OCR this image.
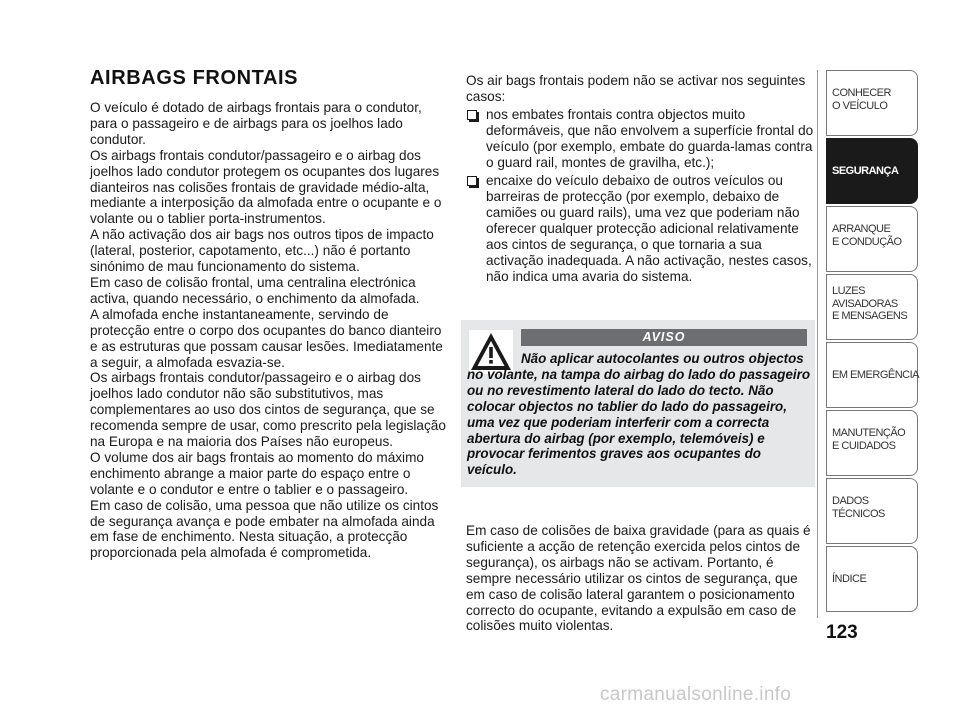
AIRBAGS FRONTAIS

O veículo é dotado de airbags frontais para o condutor, para o passageiro e de airbags para os joelhos lado condutor.

Os airbags frontais condutor/passageiro e o airbag dos joelhos lado condutor protegem os ocupantes dos lugares dianteiros nas colisões frontais de gravidade médio-alta, mediante a interposição da almofada entre o ocupante e o volante ou o tablier porta-instrumentos.

A não activação dos air bags nos outros tipos de impacto (lateral, posterior, capotamento, etc...) não é portanto sinónimo de mau funcionamento do sistema.

Em caso de colisão frontal, uma centralina electrónica activa, quando necessário, o enchimento da almofada.

A almofada enche instantaneamente, servindo de protecção entre o corpo dos ocupantes do banco dianteiro e as estruturas que possam causar lesões. Imediatamente a seguir, a almofada esvazia-se.

Os airbags frontais condutor/passageiro e o airbag dos joelhos lado condutor não são substitutivos, mas complementares ao uso dos cintos de segurança, que se recomenda sempre de usar, como prescrito pela legislação na Europa e na maioria dos Países não europeus.

O volume dos air bags frontais ao momento do máximo enchimento abrange a maior parte do espaço entre o volante e o condutor e entre o tablier e o passageiro.

Em caso de colisão, uma pessoa que não utilize os cintos de segurança avança e pode embater na almofada ainda em fase de enchimento. Nesta situação, a protecção proporcionada pela almofada é comprometida.

Os air bags frontais podem não se activar nos seguintes casos:

nos embates frontais contra objectos muito deformáveis, que não envolvem a superfície frontal do veículo (por exemplo, embate do guarda-lamas contra o guard rail, montes de gravilha, etc.);
encaixe do veículo debaixo de outros veículos ou barreiras de protecção (por exemplo, debaixo de camiões ou guard rails), uma vez que poderiam não oferecer qualquer protecção adicional relativamente aos cintos de segurança, o que tornaria a sua activação inadequada. A não activação, nestes casos, não indica uma avaria do sistema.
AVISO
Não aplicar autocolantes ou outros objectos no volante, na tampa do airbag do lado do passageiro ou no revestimento lateral do lado do tecto. Não colocar objectos no tablier do lado do passageiro, uma vez que poderiam interferir com a correcta abertura do airbag (por exemplo, telemóveis) e provocar ferimentos graves aos ocupantes do veículo.

Em caso de colisões de baixa gravidade (para as quais é suficiente a acção de retenção exercida pelos cintos de segurança), os airbags não se activam. Portanto, é sempre necessário utilizar os cintos de segurança, que em caso de colisão lateral garantem o posicionamento correcto do ocupante, evitando a expulsão em caso de colisões muito violentas.

CONHECER
O VEÍCULO
SEGURANÇA
ARRANQUE
E CONDUÇÃO
LUZES
AVISADORAS
E MENSAGENS
EM EMERGÊNCIA
MANUTENÇÃO
E CUIDADOS
DADOS
TÉCNICOS
ÍNDICE
123
carmanualsonline.info
